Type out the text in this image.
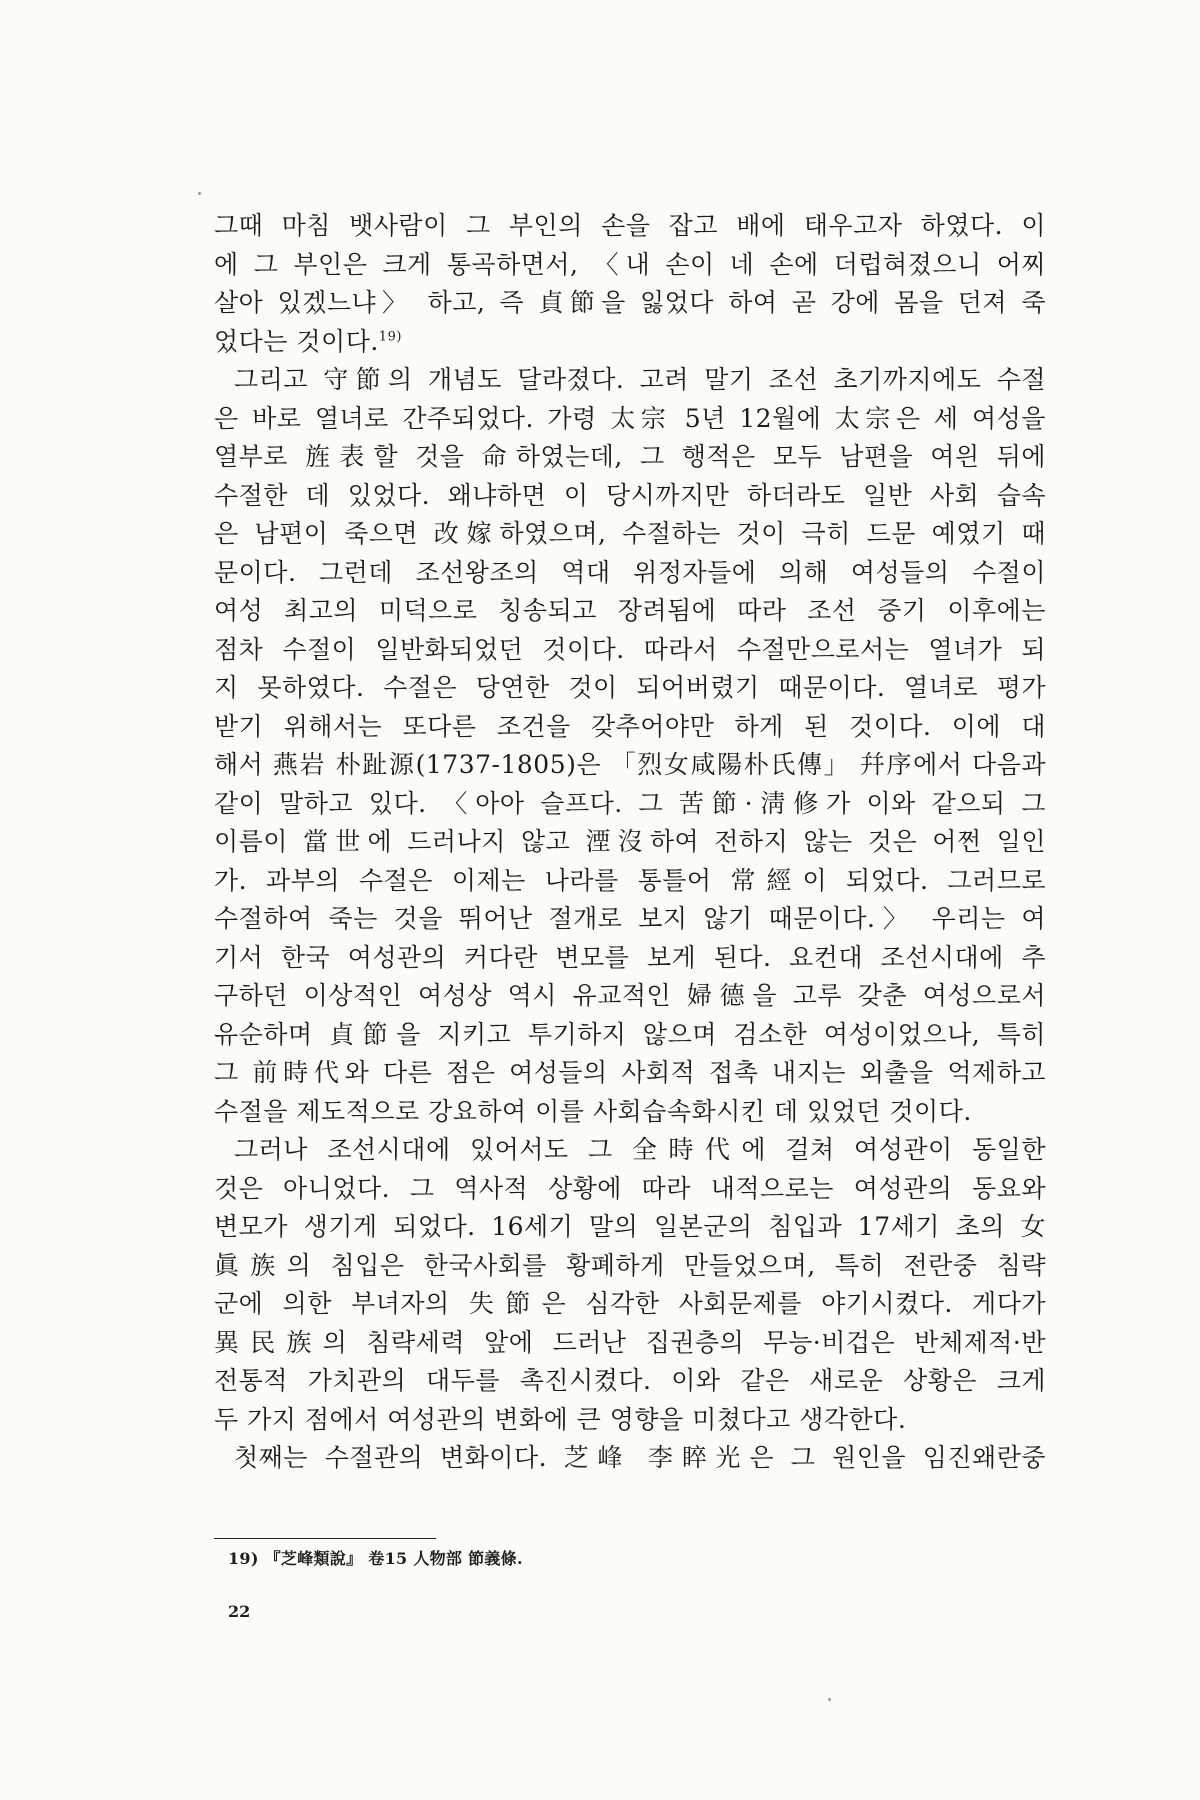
그때 마침 뱃사람이 그 부인의 손을 잡고 배에 태우고자 하였다. 이
에 그 부인은 크게 통곡하면서, 〈내 손이 네 손에 더럽혀졌으니 어찌
살아 있겠느냐〉 하고, 즉 貞節을 잃었다 하여 곧 강에 몸을 던져 죽
었다는 것이다.$^{19)}$
그리고 守節의 개념도 달라졌다. 고려 말기 조선 초기까지에도 수절
은 바로 열녀로 간주되었다. 가령 太宗 5년 12월에 太宗은 세 여성을
열부로 旌表할 것을 命하였는데, 그 행적은 모두 남편을 여읜 뒤에
수절한 데 있었다. 왜냐하면 이 당시까지만 하더라도 일반 사회 습속
은 남편이 죽으면 改嫁하였으며, 수절하는 것이 극히 드문 예였기 때
문이다. 그런데 조선왕조의 역대 위정자들에 의해 여성들의 수절이
여성 최고의 미덕으로 칭송되고 장려됨에 따라 조선 중기 이후에는
점차 수절이 일반화되었던 것이다. 따라서 수절만으로서는 열녀가 되
지 못하였다. 수절은 당연한 것이 되어버렸기 때문이다. 열녀로 평가
받기 위해서는 또다른 조건을 갖추어야만 하게 된 것이다. 이에 대
해서 燕岩 朴趾源(1737-1805)은 「烈女咸陽朴氏傳」 幷序에서 다음과
같이 말하고 있다. 〈아아 슬프다. 그 苦節·淸修가 이와 같으되 그
이름이 當世에 드러나지 않고 湮沒하여 전하지 않는 것은 어쩐 일인
가. 과부의 수절은 이제는 나라를 통틀어 常經이 되었다. 그러므로
수절하여 죽는 것을 뛰어난 절개로 보지 않기 때문이다.〉 우리는 여
기서 한국 여성관의 커다란 변모를 보게 된다. 요컨대 조선시대에 추
구하던 이상적인 여성상 역시 유교적인 婦德을 고루 갖춘 여성으로서
유순하며 貞節을 지키고 투기하지 않으며 검소한 여성이었으나, 특히
그 前時代와 다른 점은 여성들의 사회적 접촉 내지는 외출을 억제하고
수절을 제도적으로 강요하여 이를 사회습속화시킨 데 있었던 것이다.
그러나 조선시대에 있어서도 그 全時代에 걸쳐 여성관이 동일한
것은 아니었다. 그 역사적 상황에 따라 내적으로는 여성관의 동요와
변모가 생기게 되었다. 16세기 말의 일본군의 침입과 17세기 초의 女
眞族의 침입은 한국사회를 황폐하게 만들었으며, 특히 전란중 침략
군에 의한 부녀자의 失節은 심각한 사회문제를 야기시켰다. 게다가
異民族의 침략세력 앞에 드러난 집권층의 무능·비겁은 반체제적·반
전통적 가치관의 대두를 촉진시켰다. 이와 같은 새로운 상황은 크게
두 가지 점에서 여성관의 변화에 큰 영향을 미쳤다고 생각한다.
첫째는 수절관의 변화이다. 芝峰 李睟光은 그 원인을 임진왜란중
19) 『芝峰類說』 卷15 人物部 節義條.
22
